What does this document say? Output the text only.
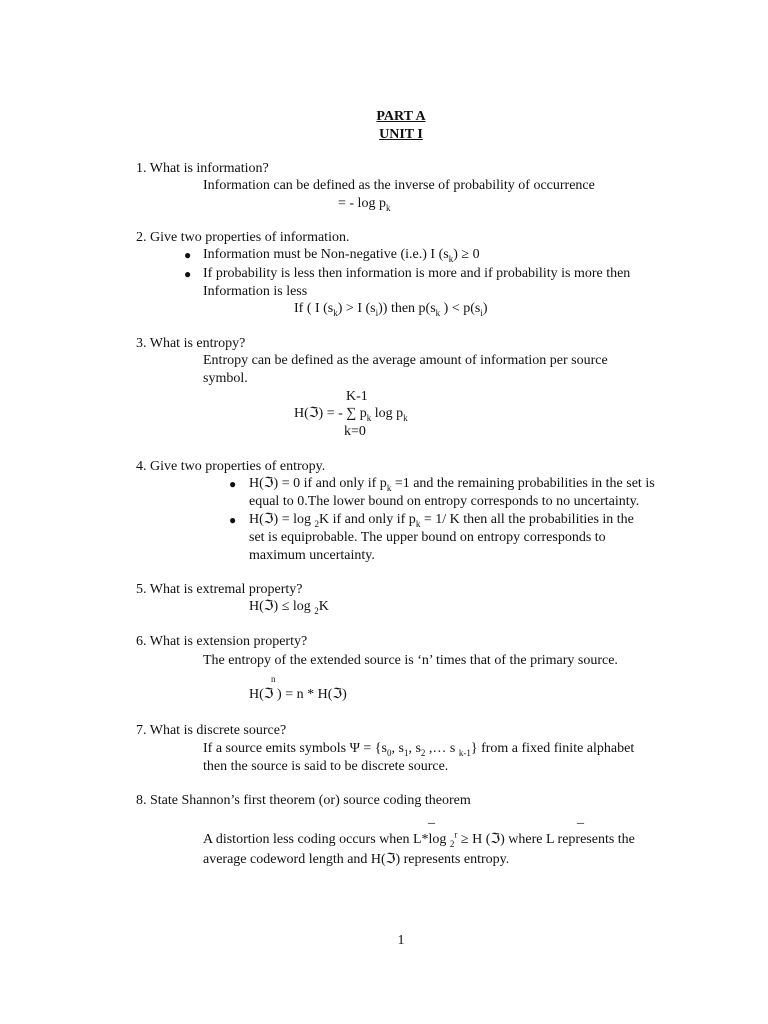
PART A
UNIT I
1. What is information?
Information can be defined as the inverse of probability of occurrence
= - $\log p_k$
2. Give two properties of information.
● Information must be Non-negative (i.e.) I $(s_k) \ge 0$
● If probability is less then information is more and if probability is more then
Information is less
If ( I $(s_k) > I$ $(s_i)$) then $p(s_k$ ) < $p(s_i)$
3. What is entropy?
Entropy can be defined as the average amount of information per source
symbol.
K-1
H(ℑ) = - ∑ $p_k$ $\log p_k$
k=0
4. Give two properties of entropy.
● H(ℑ) = 0 if and only if $p_k =1$ and the remaining probabilities in the set is
equal to 0.The lower bound on entropy corresponds to no uncertainty.
● H(ℑ) = log $_2$K if and only if $p_k = 1/$ K then all the probabilities in the
set is equiprobable. The upper bound on entropy corresponds to
maximum uncertainty.
5. What is extremal property?
H(ℑ) ≤ log $_2$K
6. What is extension property?
The entropy of the extended source is ‘n’ times that of the primary source.
n
H(ℑ ) = n * H(ℑ)
7. What is discrete source?
If a source emits symbols $\Psi = \{s_0$, $s_1$, $s_2$ ,… s $_{k-1}$} from a fixed finite alphabet
then the source is said to be discrete source.
8. State Shannon’s first theorem (or) source coding theorem
_	_
A distortion less coding occurs when L*log $_2^r$ ≥ H (ℑ) where L represents the
average codeword length and H(ℑ) represents entropy.
1
